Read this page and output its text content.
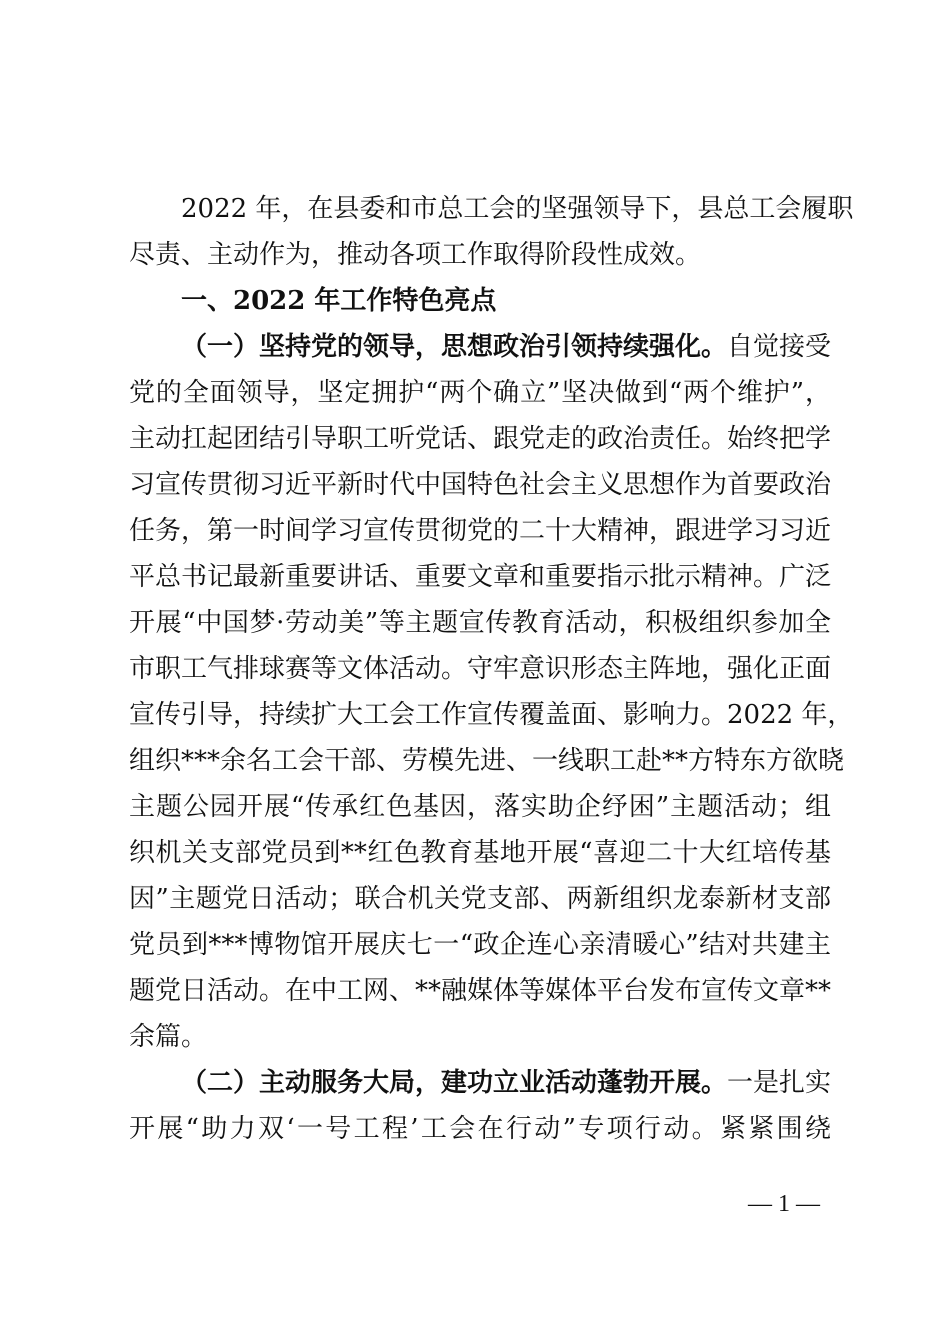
2022 年，在县委和市总工会的坚强领导下，县总工会履职
尽责、主动作为，推动各项工作取得阶段性成效。
一、2022 年工作特色亮点
（一）坚持党的领导，思想政治引领持续强化。自觉接受
党的全面领导，坚定拥护“两个确立”坚决做到“两个维护”，
主动扛起团结引导职工听党话、跟党走的政治责任。始终把学
习宣传贯彻习近平新时代中国特色社会主义思想作为首要政治
任务，第一时间学习宣传贯彻党的二十大精神，跟进学习习近
平总书记最新重要讲话、重要文章和重要指示批示精神。广泛
开展“中国梦·劳动美”等主题宣传教育活动，积极组织参加全
市职工气排球赛等文体活动。守牢意识形态主阵地，强化正面
宣传引导，持续扩大工会工作宣传覆盖面、影响力。2022 年，
组织***余名工会干部、劳模先进、一线职工赴**方特东方欲晓
主题公园开展“传承红色基因，落实助企纾困”主题活动；组
织机关支部党员到**红色教育基地开展“喜迎二十大红培传基
因”主题党日活动；联合机关党支部、两新组织龙泰新材支部
党员到***博物馆开展庆七一“政企连心亲清暖心”结对共建主
题党日活动。在中工网、**融媒体等媒体平台发布宣传文章**
余篇。
（二）主动服务大局，建功立业活动蓬勃开展。一是扎实
开展“助力双‘一号工程’工会在行动”专项行动。紧紧围绕
— 1 —
